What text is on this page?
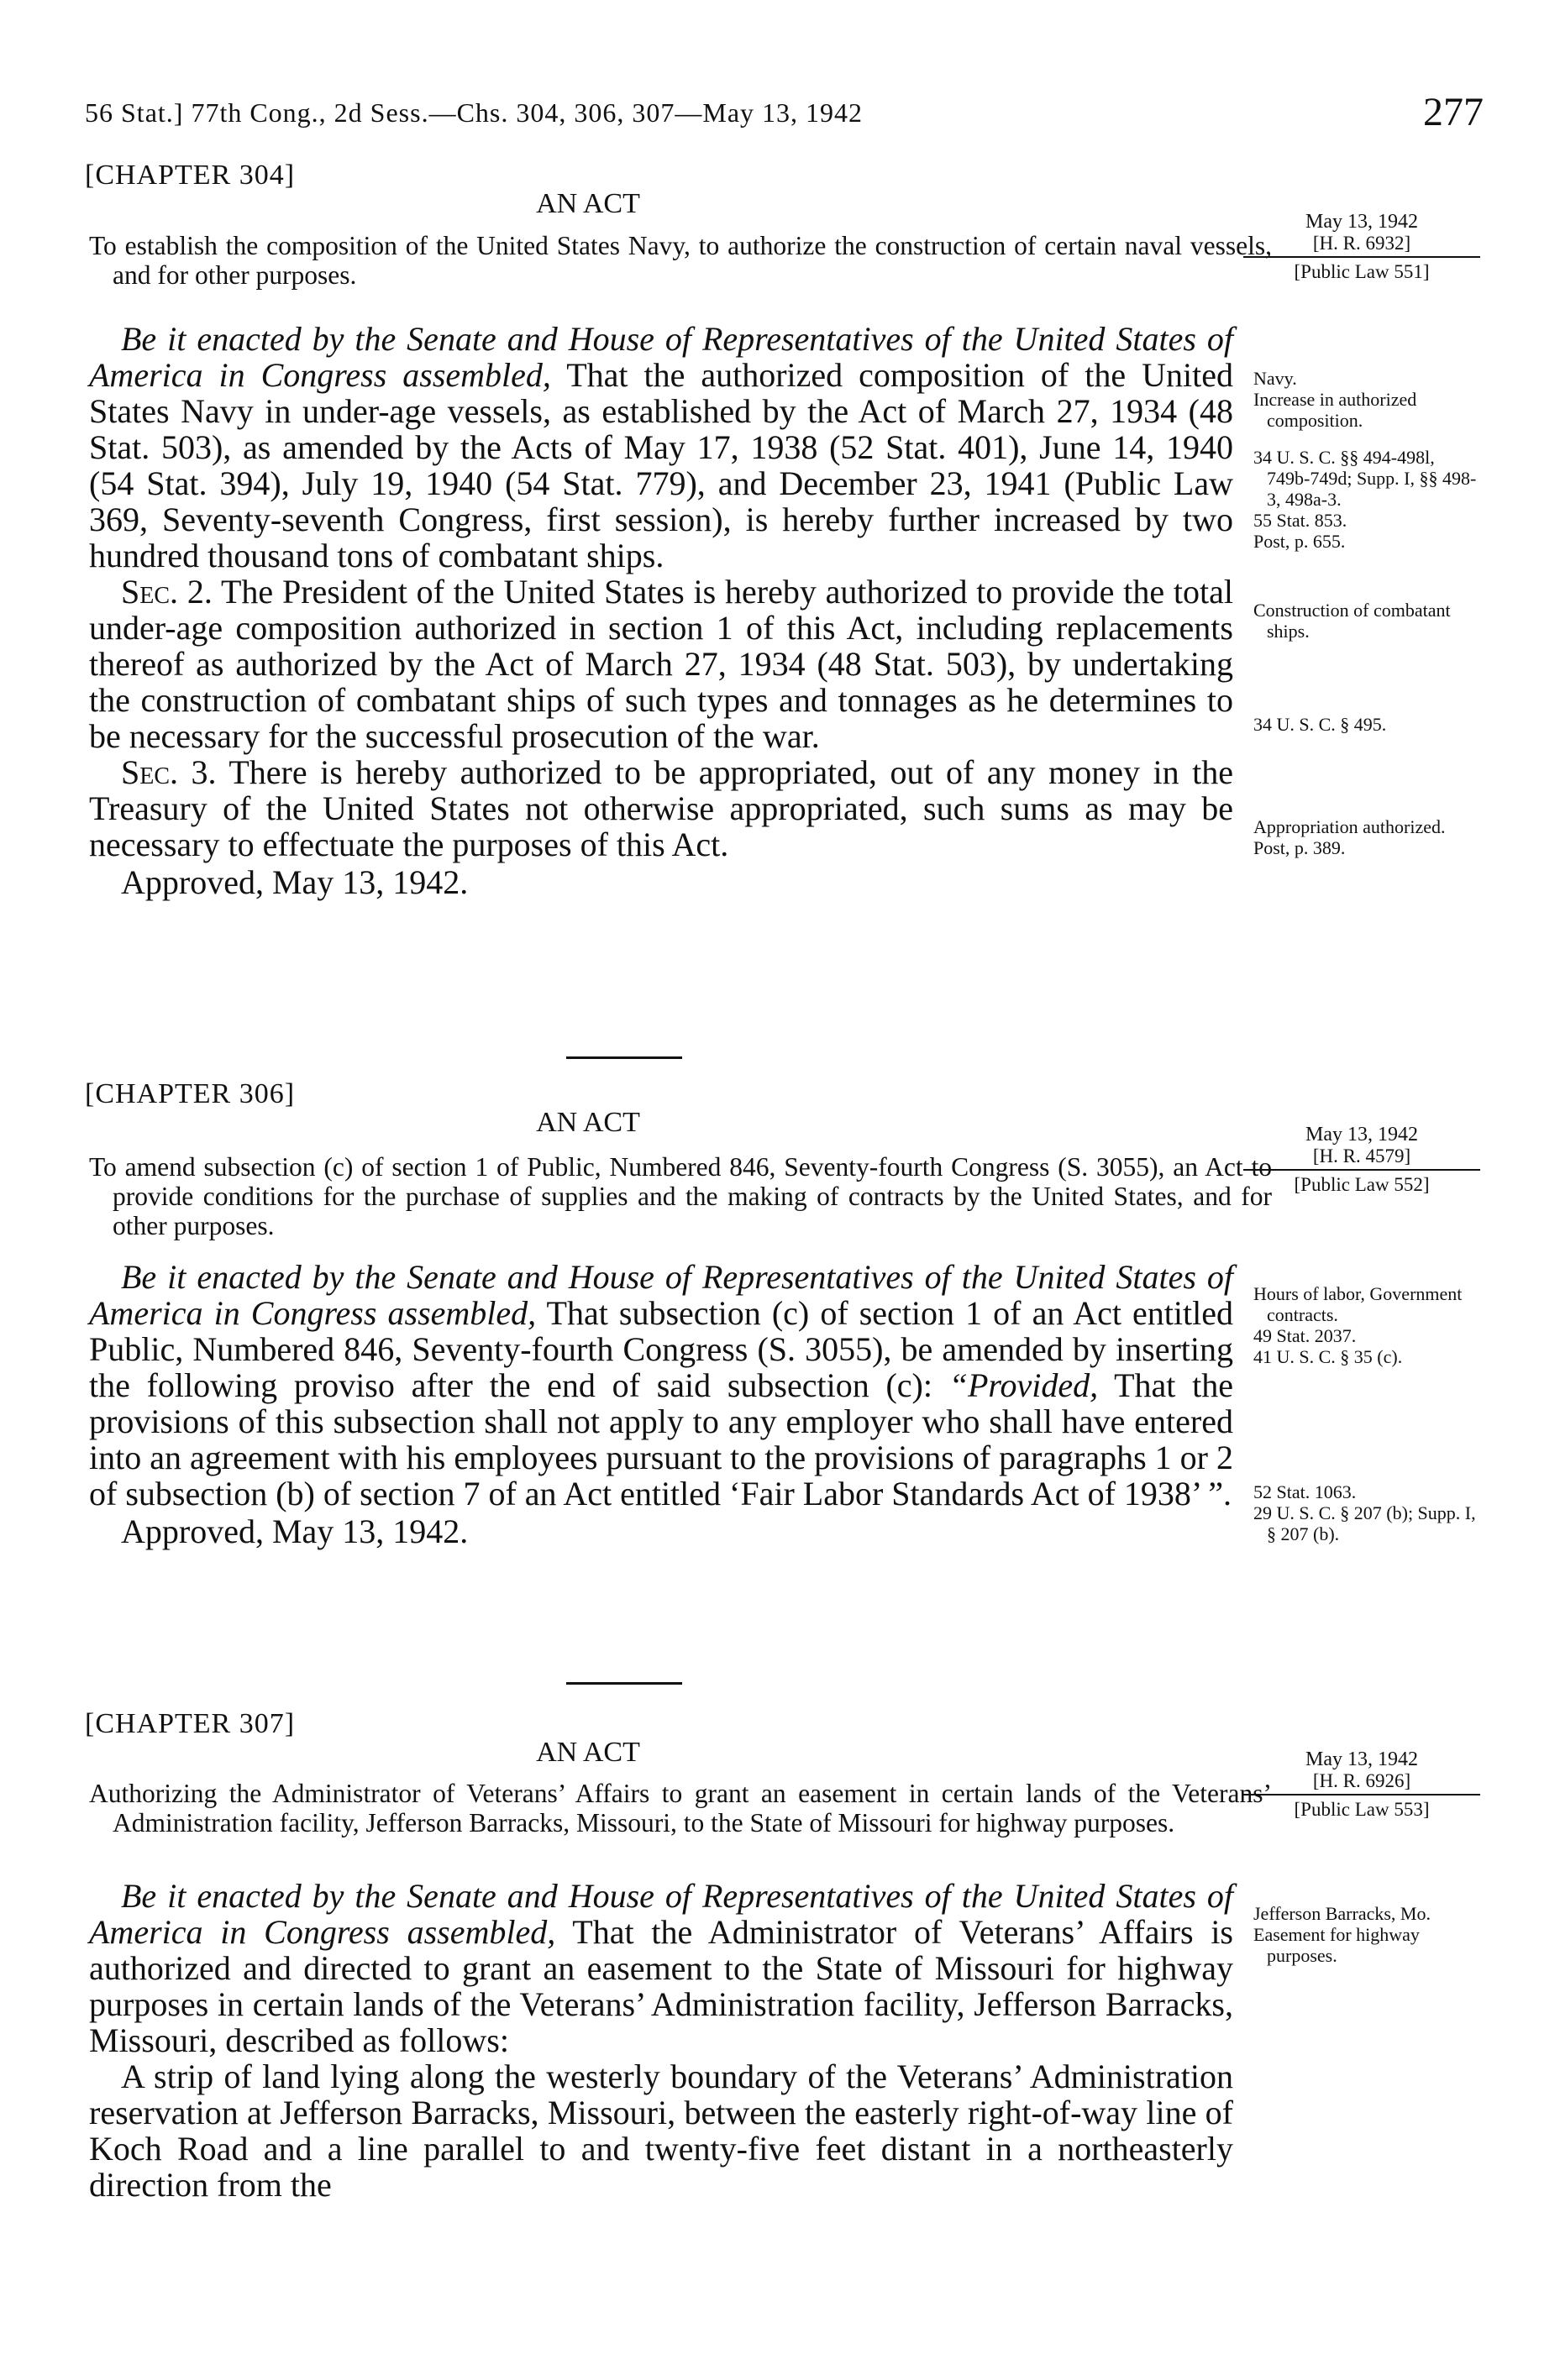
56 Stat.] 77th Cong., 2d Sess.—Chs. 304, 306, 307—May 13, 1942	277
[CHAPTER 304]
AN ACT
To establish the composition of the United States Navy, to authorize the construction of certain naval vessels, and for other purposes.
May 13, 1942
[H. R. 6932]
[Public Law 551]

Be it enacted by the Senate and House of Representatives of the United States of America in Congress assembled, That the authorized composition of the United States Navy in under-age vessels, as established by the Act of March 27, 1934 (48 Stat. 503), as amended by the Acts of May 17, 1938 (52 Stat. 401), June 14, 1940 (54 Stat. 394), July 19, 1940 (54 Stat. 779), and December 23, 1941 (Public Law 369, Seventy-seventh Congress, first session), is hereby further increased by two hundred thousand tons of combatant ships.

Sec. 2. The President of the United States is hereby authorized to provide the total under-age composition authorized in section 1 of this Act, including replacements thereof as authorized by the Act of March 27, 1934 (48 Stat. 503), by undertaking the construction of combatant ships of such types and tonnages as he determines to be necessary for the successful prosecution of the war.

Sec. 3. There is hereby authorized to be appropriated, out of any money in the Treasury of the United States not otherwise appropriated, such sums as may be necessary to effectuate the purposes of this Act.

Approved, May 13, 1942.

Navy.
Increase in authorized composition.
34 U. S. C. §§ 494-498l, 749b-749d; Supp. I, §§ 498-3, 498a-3.
55 Stat. 853.
Post, p. 655.
Construction of combatant ships.
34 U. S. C. § 495.
Appropriation authorized.
Post, p. 389.
[CHAPTER 306]
AN ACT
To amend subsection (c) of section 1 of Public, Numbered 846, Seventy-fourth Congress (S. 3055), an Act to provide conditions for the purchase of supplies and the making of contracts by the United States, and for other purposes.
May 13, 1942
[H. R. 4579]
[Public Law 552]

Be it enacted by the Senate and House of Representatives of the United States of America in Congress assembled, That subsection (c) of section 1 of an Act entitled Public, Numbered 846, Seventy-fourth Congress (S. 3055), be amended by inserting the following proviso after the end of said subsection (c): “Provided, That the provisions of this subsection shall not apply to any employer who shall have entered into an agreement with his employees pursuant to the provisions of paragraphs 1 or 2 of subsection (b) of section 7 of an Act entitled ‘Fair Labor Standards Act of 1938’ ”.

Approved, May 13, 1942.

Hours of labor, Government contracts.
49 Stat. 2037.
41 U. S. C. § 35 (c).
52 Stat. 1063.
29 U. S. C. § 207 (b); Supp. I, § 207 (b).
[CHAPTER 307]
AN ACT
Authorizing the Administrator of Veterans’ Affairs to grant an easement in certain lands of the Veterans’ Administration facility, Jefferson Barracks, Missouri, to the State of Missouri for highway purposes.
May 13, 1942
[H. R. 6926]
[Public Law 553]

Be it enacted by the Senate and House of Representatives of the United States of America in Congress assembled, That the Administrator of Veterans’ Affairs is authorized and directed to grant an easement to the State of Missouri for highway purposes in certain lands of the Veterans’ Administration facility, Jefferson Barracks, Missouri, described as follows:

A strip of land lying along the westerly boundary of the Veterans’ Administration reservation at Jefferson Barracks, Missouri, between the easterly right-of-way line of Koch Road and a line parallel to and twenty-five feet distant in a northeasterly direction from the

Jefferson Barracks, Mo.
Easement for highway purposes.
